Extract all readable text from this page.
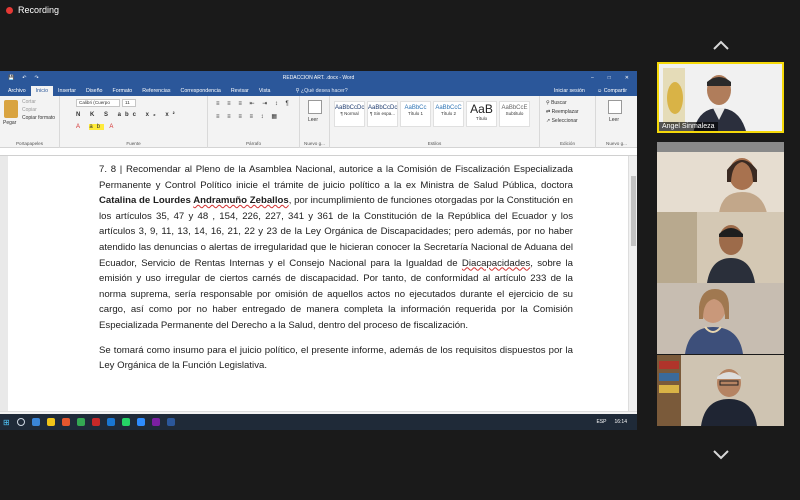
Recording
💾 ↶ ↷	REDACCION ART. .docx - Word	–	□	✕
Archivo	Inicio	Insertar	Diseño	Formato	Referencias	Correspondencia	Revisar	Vista	⚲ ¿Qué desea hacer?	Iniciar sesión ☺ Compartir
Pegar
Cortar
Copiar
Copiar formato
Portapapeles
Calibri (Cuerpo	11
N K S abc x₂ x²
A ab A
Fuente
≡ ≡ ≡ ⇤ ⇥ ↕ ¶
≡ ≡ ≡ ≡ ↕ ▦
Párrafo
Leer
Nuevo g...
AaBbCcDc
¶ Normal
AaBbCcDc
¶ Sin espa...
AaBbCc
Título 1
AaBbCcC
Título 2	AaB
Título
AaBbCcE
Subtítulo
Estilos
⚲ Buscar
⇄ Reemplazar
↗ Seleccionar
Edición
Leer
Nuevo g...

7. 8 | Recomendar al Pleno de la Asamblea Nacional, autorice a la Comisión de Fiscalización Especializada Permanente y Control Político inicie el trámite de juicio político a la ex Ministra de Salud Pública, doctora Catalina de Lourdes Andramuño Zeballos, por incumplimiento de funciones otorgadas por la Constitución en los artículos 35, 47 y 48 , 154, 226, 227, 341 y 361 de la Constitución de la República del Ecuador y los artículos 3, 9, 11, 13, 14, 16, 21, 22 y 23 de la Ley Orgánica de Discapacidades; pero además, por no haber atendido las denuncias o alertas de irregularidad que le hicieran conocer la Secretaría Nacional de Aduana del Ecuador, Servicio de Rentas Internas y el Consejo Nacional para la Igualdad de Diacapacidades, sobre la emisión y uso irregular de ciertos carnés de discapacidad. Por tanto, de conformidad al artículo 233 de la norma suprema, sería responsable por omisión de aquellos actos no ejecutados durante el ejercicio de su cargo, así como por no haber entregado de manera completa la información requerida por la Comisión Especializada Permanente del Derecho a la Salud, dentro del proceso de fiscalización.

Se tomará como insumo para el juicio político, el presente informe, además de los requisitos dispuestos por la Ley Orgánica de la Función Legislativa.

⊞	ESP 16:14
Angel Sinmaleza
